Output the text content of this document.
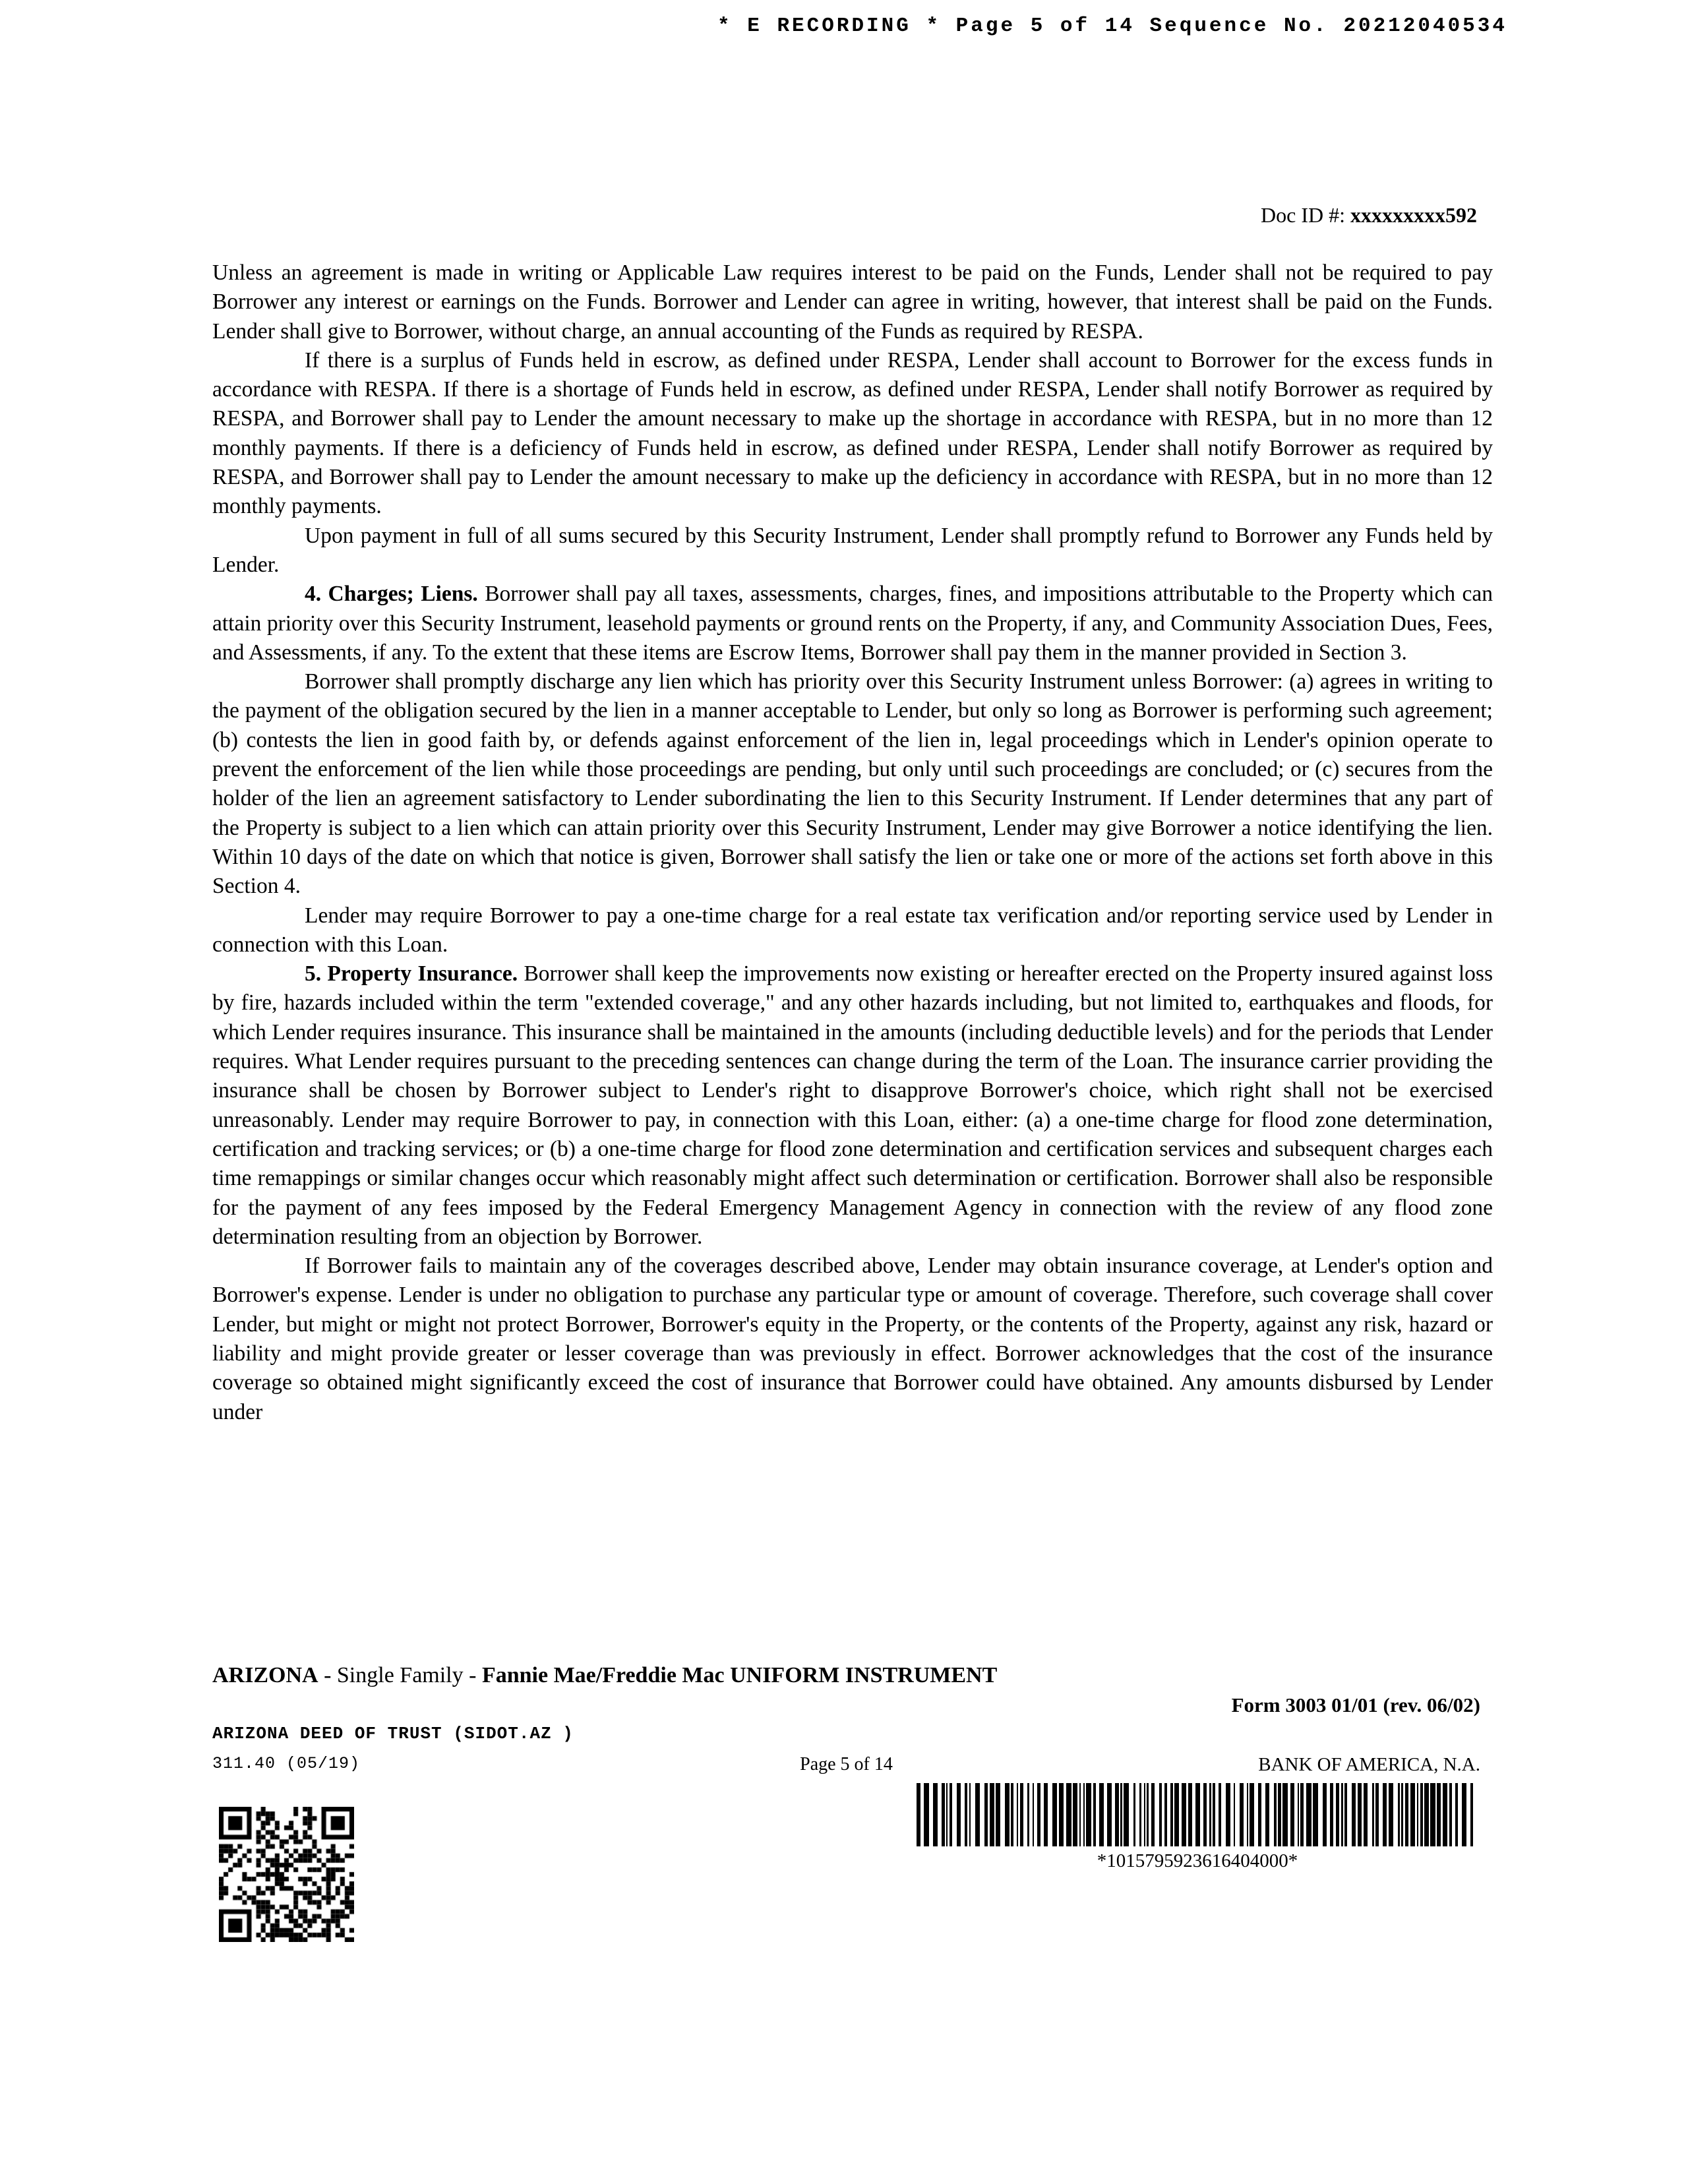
* E RECORDING * Page 5 of 14 Sequence No. 20212040534
Doc ID #: xxxxxxxxx592

Unless an agreement is made in writing or Applicable Law requires interest to be paid on the Funds, Lender shall not be required to pay Borrower any interest or earnings on the Funds. Borrower and Lender can agree in writing, however, that interest shall be paid on the Funds. Lender shall give to Borrower, without charge, an annual accounting of the Funds as required by RESPA.

If there is a surplus of Funds held in escrow, as defined under RESPA, Lender shall account to Borrower for the excess funds in accordance with RESPA. If there is a shortage of Funds held in escrow, as defined under RESPA, Lender shall notify Borrower as required by RESPA, and Borrower shall pay to Lender the amount necessary to make up the shortage in accordance with RESPA, but in no more than 12 monthly payments. If there is a deficiency of Funds held in escrow, as defined under RESPA, Lender shall notify Borrower as required by RESPA, and Borrower shall pay to Lender the amount necessary to make up the deficiency in accordance with RESPA, but in no more than 12 monthly payments.

Upon payment in full of all sums secured by this Security Instrument, Lender shall promptly refund to Borrower any Funds held by Lender.

4. Charges; Liens. Borrower shall pay all taxes, assessments, charges, fines, and impositions attributable to the Property which can attain priority over this Security Instrument, leasehold payments or ground rents on the Property, if any, and Community Association Dues, Fees, and Assessments, if any. To the extent that these items are Escrow Items, Borrower shall pay them in the manner provided in Section 3.

Borrower shall promptly discharge any lien which has priority over this Security Instrument unless Borrower: (a) agrees in writing to the payment of the obligation secured by the lien in a manner acceptable to Lender, but only so long as Borrower is performing such agreement; (b) contests the lien in good faith by, or defends against enforcement of the lien in, legal proceedings which in Lender's opinion operate to prevent the enforcement of the lien while those proceedings are pending, but only until such proceedings are concluded; or (c) secures from the holder of the lien an agreement satisfactory to Lender subordinating the lien to this Security Instrument. If Lender determines that any part of the Property is subject to a lien which can attain priority over this Security Instrument, Lender may give Borrower a notice identifying the lien. Within 10 days of the date on which that notice is given, Borrower shall satisfy the lien or take one or more of the actions set forth above in this Section 4.

Lender may require Borrower to pay a one-time charge for a real estate tax verification and/or reporting service used by Lender in connection with this Loan.

5. Property Insurance. Borrower shall keep the improvements now existing or hereafter erected on the Property insured against loss by fire, hazards included within the term "extended coverage," and any other hazards including, but not limited to, earthquakes and floods, for which Lender requires insurance. This insurance shall be maintained in the amounts (including deductible levels) and for the periods that Lender requires. What Lender requires pursuant to the preceding sentences can change during the term of the Loan. The insurance carrier providing the insurance shall be chosen by Borrower subject to Lender's right to disapprove Borrower's choice, which right shall not be exercised unreasonably. Lender may require Borrower to pay, in connection with this Loan, either: (a) a one-time charge for flood zone determination, certification and tracking services; or (b) a one-time charge for flood zone determination and certification services and subsequent charges each time remappings or similar changes occur which reasonably might affect such determination or certification. Borrower shall also be responsible for the payment of any fees imposed by the Federal Emergency Management Agency in connection with the review of any flood zone determination resulting from an objection by Borrower.

If Borrower fails to maintain any of the coverages described above, Lender may obtain insurance coverage, at Lender's option and Borrower's expense. Lender is under no obligation to purchase any particular type or amount of coverage. Therefore, such coverage shall cover Lender, but might or might not protect Borrower, Borrower's equity in the Property, or the contents of the Property, against any risk, hazard or liability and might provide greater or lesser coverage than was previously in effect. Borrower acknowledges that the cost of the insurance coverage so obtained might significantly exceed the cost of insurance that Borrower could have obtained. Any amounts disbursed by Lender under

ARIZONA - Single Family - Fannie Mae/Freddie Mac UNIFORM INSTRUMENT
Form 3003 01/01 (rev. 06/02)
ARIZONA DEED OF TRUST (SIDOT.AZ )
311.40 (05/19)	Page 5 of 14	BANK OF AMERICA, N.A.
*1015795923616404000*
